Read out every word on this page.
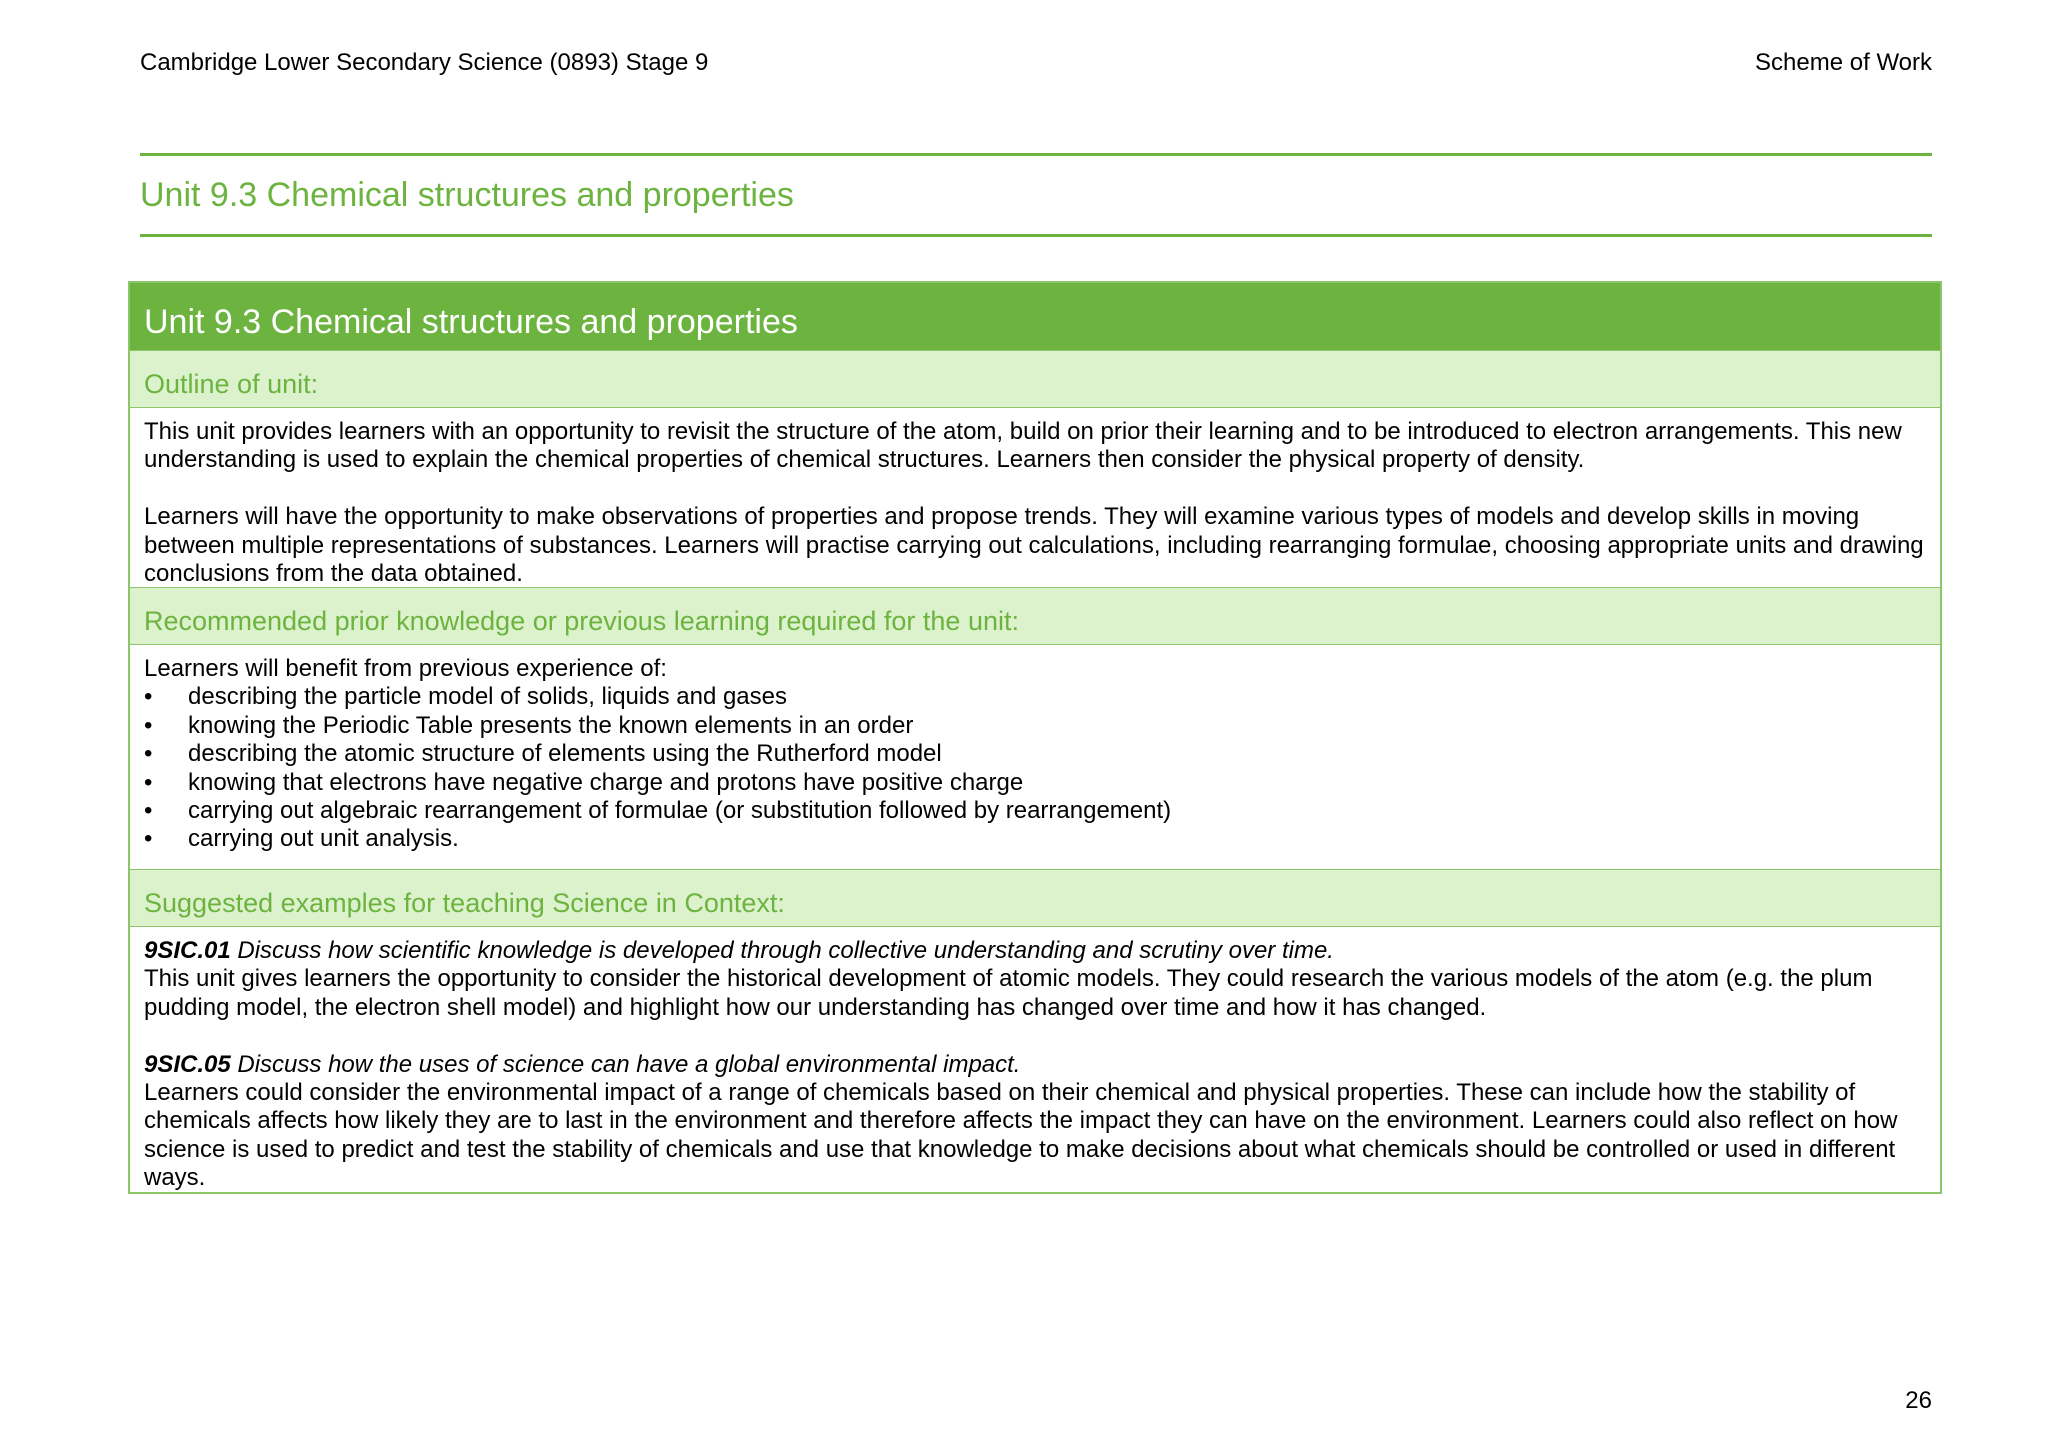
Cambridge Lower Secondary Science (0893) Stage 9	Scheme of Work
Unit 9.3 Chemical structures and properties
Unit 9.3 Chemical structures and properties
Outline of unit:

This unit provides learners with an opportunity to revisit the structure of the atom, build on prior their learning and to be introduced to electron arrangements. This new understanding is used to explain the chemical properties of chemical structures. Learners then consider the physical property of density.

Learners will have the opportunity to make observations of properties and propose trends. They will examine various types of models and develop skills in moving between multiple representations of substances. Learners will practise carrying out calculations, including rearranging formulae, choosing appropriate units and drawing conclusions from the data obtained.

Recommended prior knowledge or previous learning required for the unit:

Learners will benefit from previous experience of:

• describing the particle model of solids, liquids and gases
• knowing the Periodic Table presents the known elements in an order
• describing the atomic structure of elements using the Rutherford model
• knowing that electrons have negative charge and protons have positive charge
• carrying out algebraic rearrangement of formulae (or substitution followed by rearrangement)
• carrying out unit analysis.
Suggested examples for teaching Science in Context:

9SIC.01 Discuss how scientific knowledge is developed through collective understanding and scrutiny over time.

This unit gives learners the opportunity to consider the historical development of atomic models. They could research the various models of the atom (e.g. the plum pudding model, the electron shell model) and highlight how our understanding has changed over time and how it has changed.

9SIC.05 Discuss how the uses of science can have a global environmental impact.

Learners could consider the environmental impact of a range of chemicals based on their chemical and physical properties. These can include how the stability of chemicals affects how likely they are to last in the environment and therefore affects the impact they can have on the environment. Learners could also reflect on how science is used to predict and test the stability of chemicals and use that knowledge to make decisions about what chemicals should be controlled or used in different ways.

26
